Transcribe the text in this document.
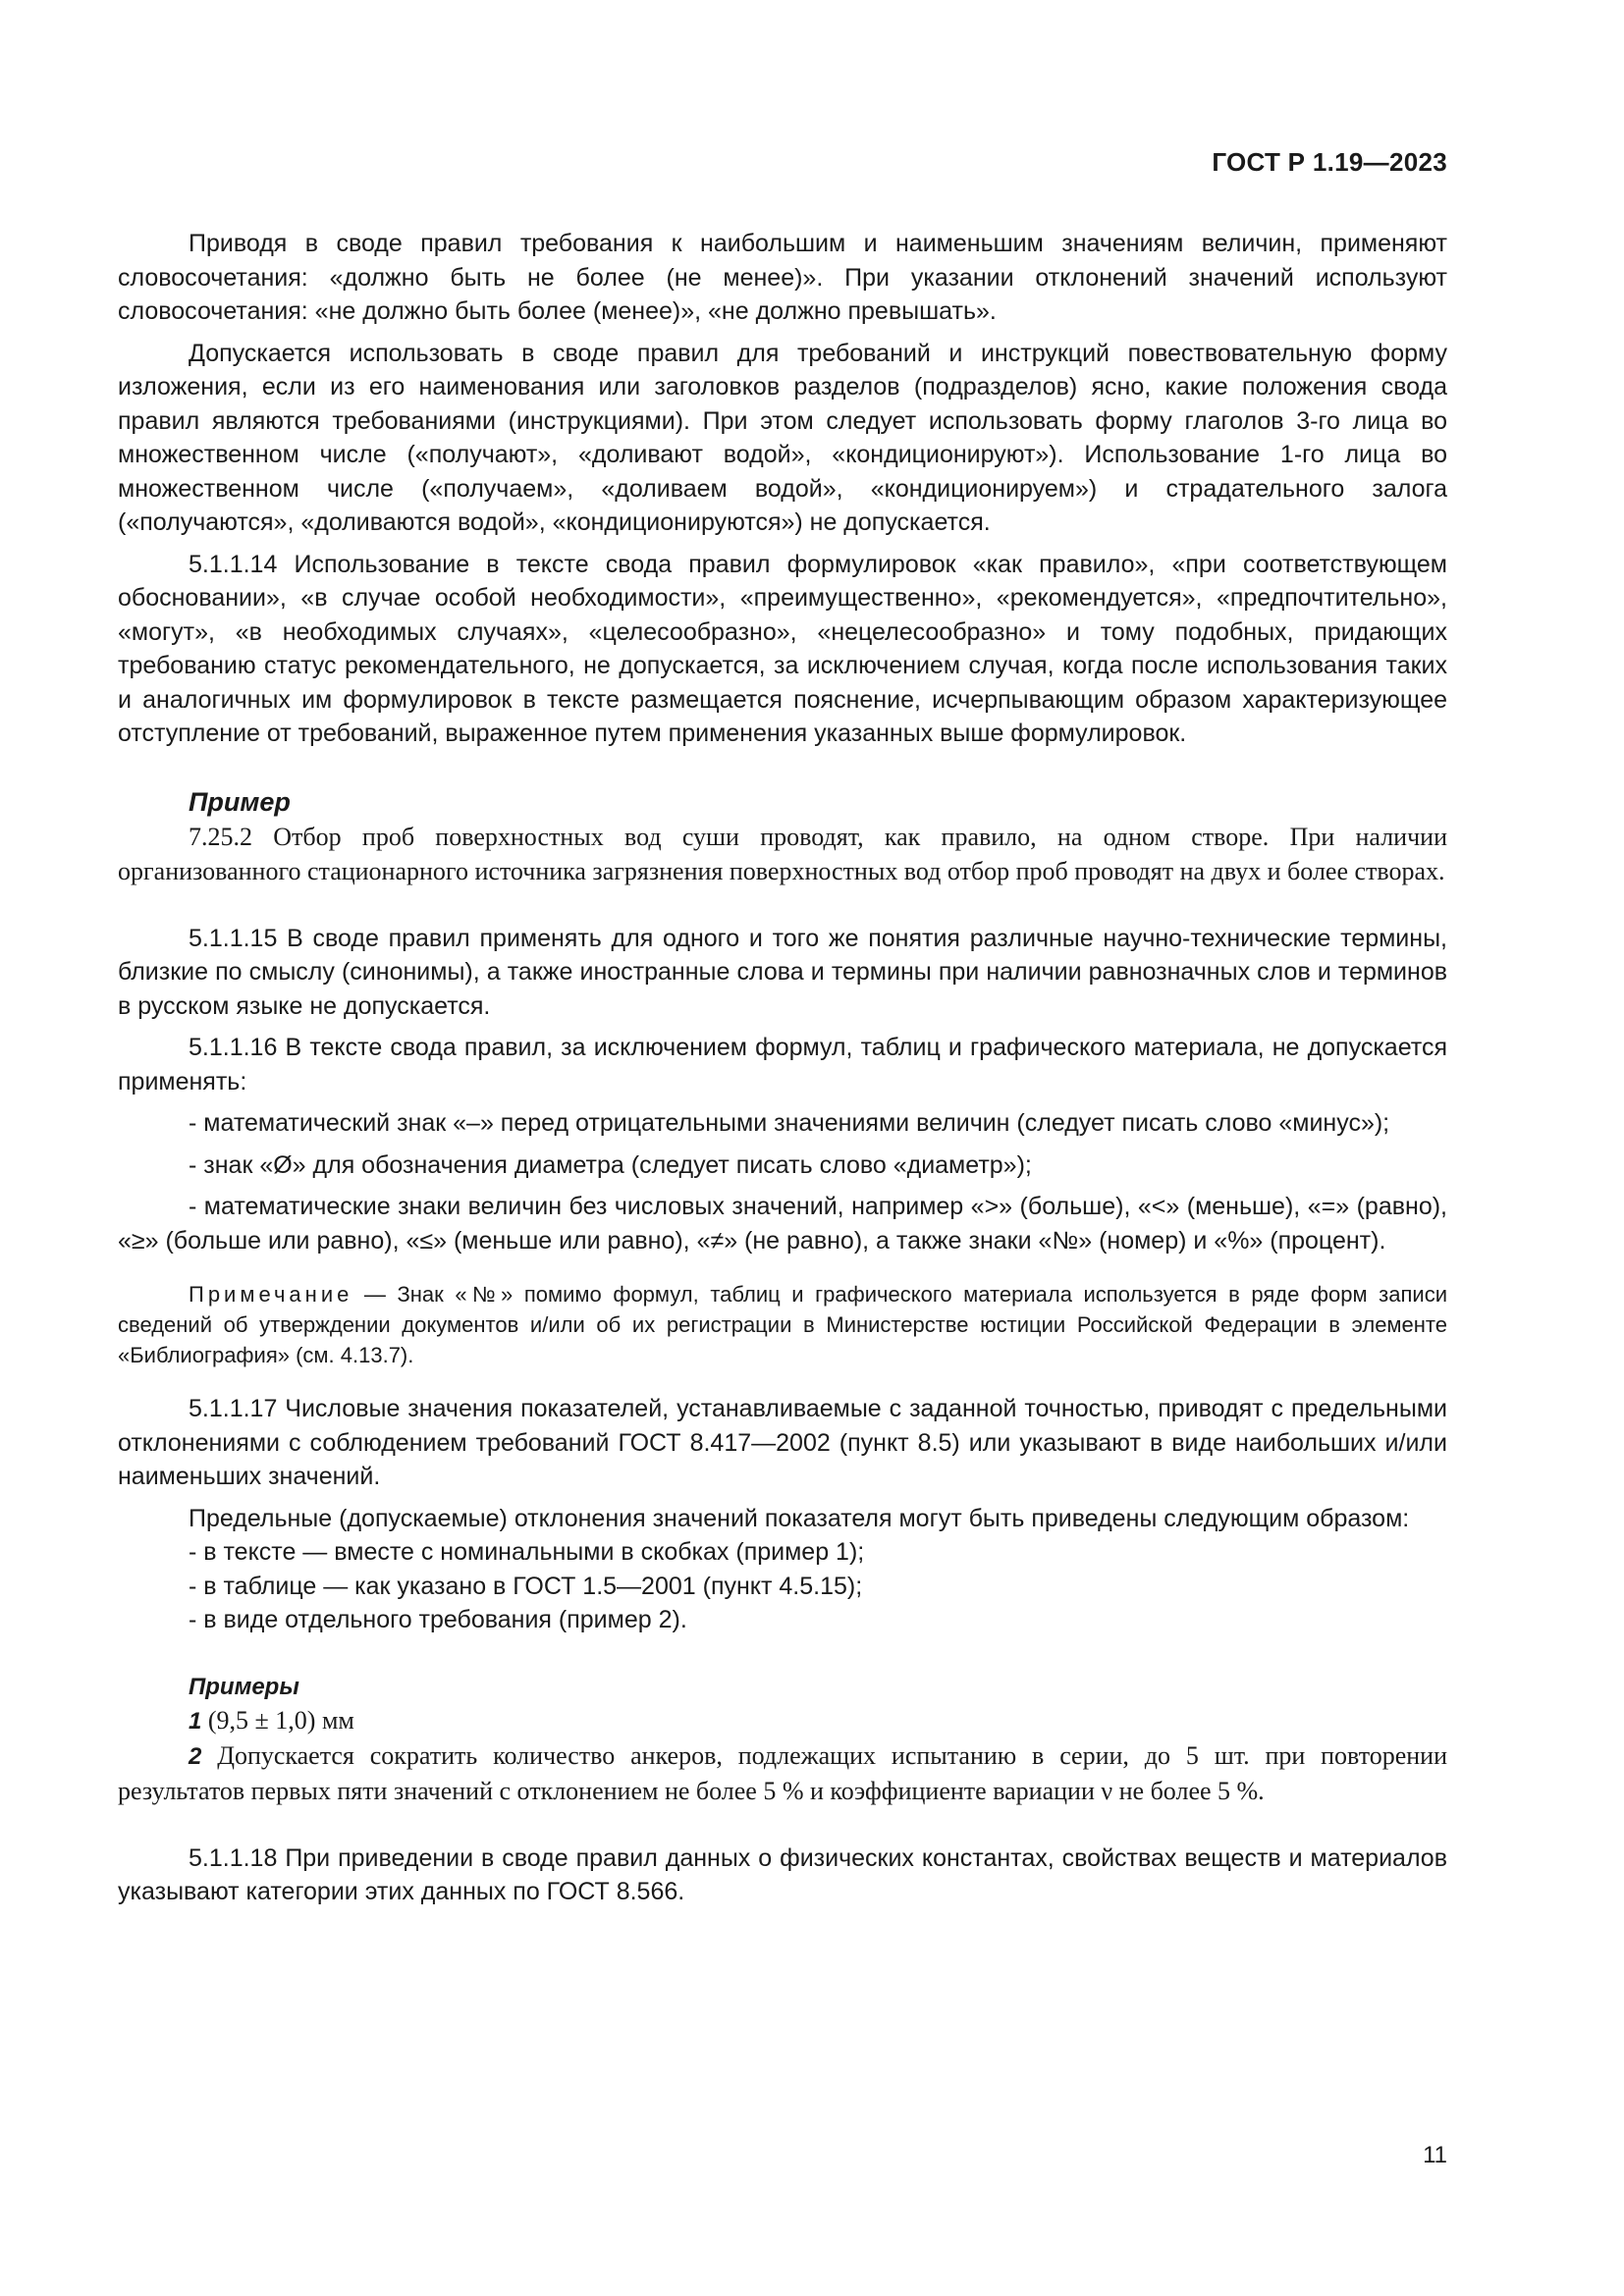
ГОСТ Р 1.19—2023

Приводя в своде правил требования к наибольшим и наименьшим значениям величин, применяют словосочетания: «должно быть не более (не менее)». При указании отклонений значений используют словосочетания: «не должно быть более (менее)», «не должно превышать».

Допускается использовать в своде правил для требований и инструкций повествовательную форму изложения, если из его наименования или заголовков разделов (подразделов) ясно, какие положения свода правил являются требованиями (инструкциями). При этом следует использовать форму глаголов 3-го лица во множественном числе («получают», «доливают водой», «кондиционируют»). Использование 1-го лица во множественном числе («получаем», «доливаем водой», «кондиционируем») и страдательного залога («получаются», «доливаются водой», «кондиционируются») не допускается.

5.1.1.14 Использование в тексте свода правил формулировок «как правило», «при соответствующем обосновании», «в случае особой необходимости», «преимущественно», «рекомендуется», «предпочтительно», «могут», «в необходимых случаях», «целесообразно», «нецелесообразно» и тому подобных, придающих требованию статус рекомендательного, не допускается, за исключением случая, когда после использования таких и аналогичных им формулировок в тексте размещается пояснение, исчерпывающим образом характеризующее отступление от требований, выраженное путем применения указанных выше формулировок.

Пример

7.25.2 Отбор проб поверхностных вод суши проводят, как правило, на одном створе. При наличии организованного стационарного источника загрязнения поверхностных вод отбор проб проводят на двух и более створах.

5.1.1.15 В своде правил применять для одного и того же понятия различные научно-технические термины, близкие по смыслу (синонимы), а также иностранные слова и термины при наличии равнозначных слов и терминов в русском языке не допускается.

5.1.1.16 В тексте свода правил, за исключением формул, таблиц и графического материала, не допускается применять:

- математический знак «–» перед отрицательными значениями величин (следует писать слово «минус»);

- знак «Ø» для обозначения диаметра (следует писать слово «диаметр»);

- математические знаки величин без числовых значений, например «>» (больше), «<» (меньше), «=» (равно), «≥» (больше или равно), «≤» (меньше или равно), «≠» (не равно), а также знаки «№» (номер) и «%» (процент).

Примечание — Знак «№» помимо формул, таблиц и графического материала используется в ряде форм записи сведений об утверждении документов и/или об их регистрации в Министерстве юстиции Российской Федерации в элементе «Библиография» (см. 4.13.7).

5.1.1.17 Числовые значения показателей, устанавливаемые с заданной точностью, приводят с предельными отклонениями с соблюдением требований ГОСТ 8.417—2002 (пункт 8.5) или указывают в виде наибольших и/или наименьших значений.

Предельные (допускаемые) отклонения значений показателя могут быть приведены следующим образом:

- в тексте — вместе с номинальными в скобках (пример 1);

- в таблице — как указано в ГОСТ 1.5—2001 (пункт 4.5.15);

- в виде отдельного требования (пример 2).

Примеры

1 (9,5 ± 1,0) мм

2 Допускается сократить количество анкеров, подлежащих испытанию в серии, до 5 шт. при повторении результатов первых пяти значений с отклонением не более 5 % и коэффициенте вариации ν не более 5 %.

5.1.1.18 При приведении в своде правил данных о физических константах, свойствах веществ и материалов указывают категории этих данных по ГОСТ 8.566.

11
